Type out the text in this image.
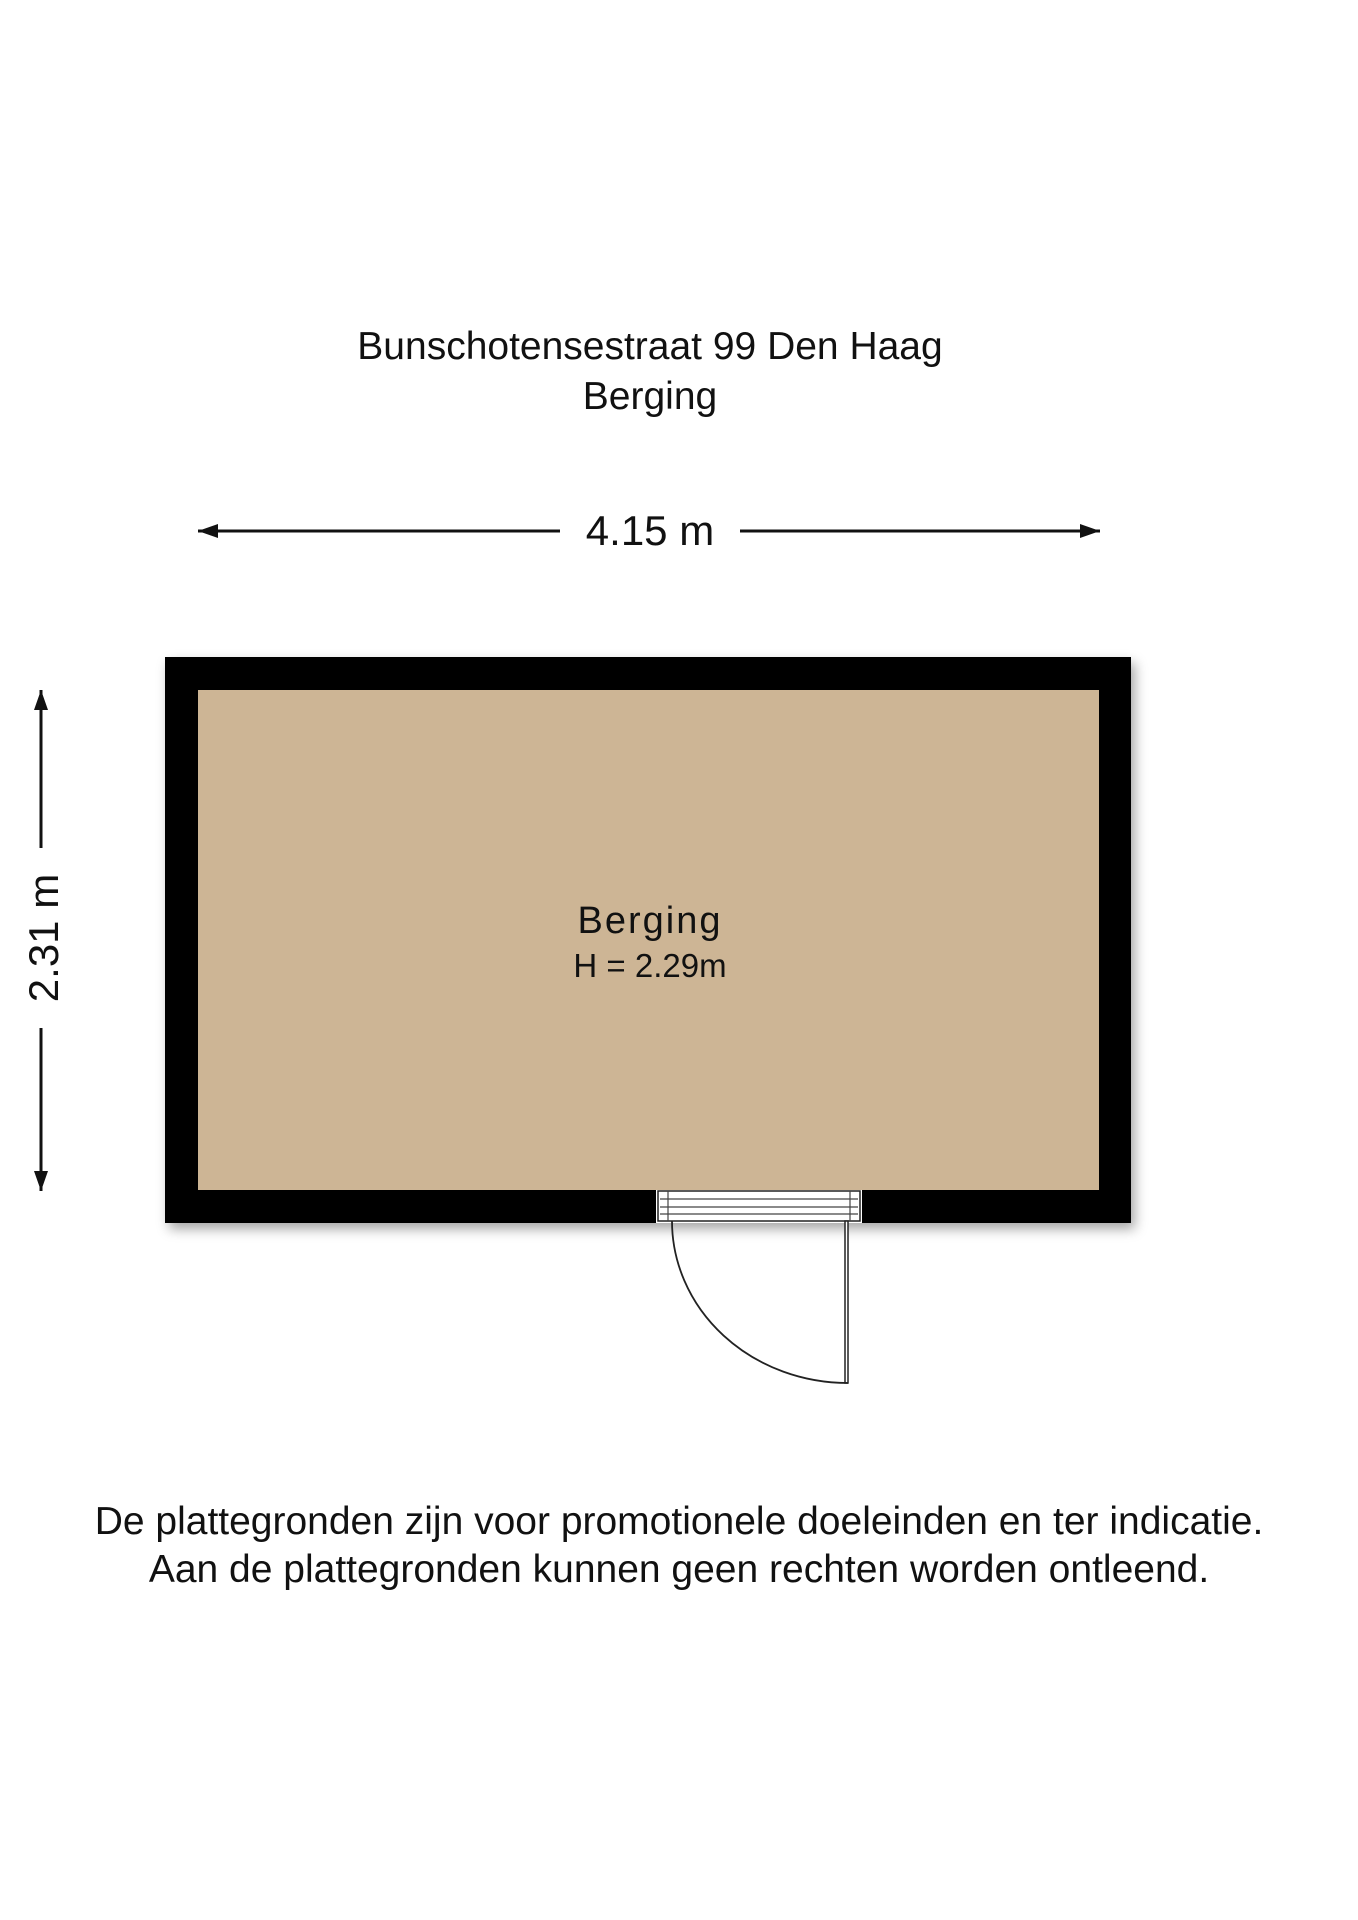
Bunschotensestraat 99 Den Haag
Berging
4.15 m
2.31 m	Berging
H = 2.29m
De plattegronden zijn voor promotionele doeleinden en ter indicatie.
Aan de plattegronden kunnen geen rechten worden ontleend.
